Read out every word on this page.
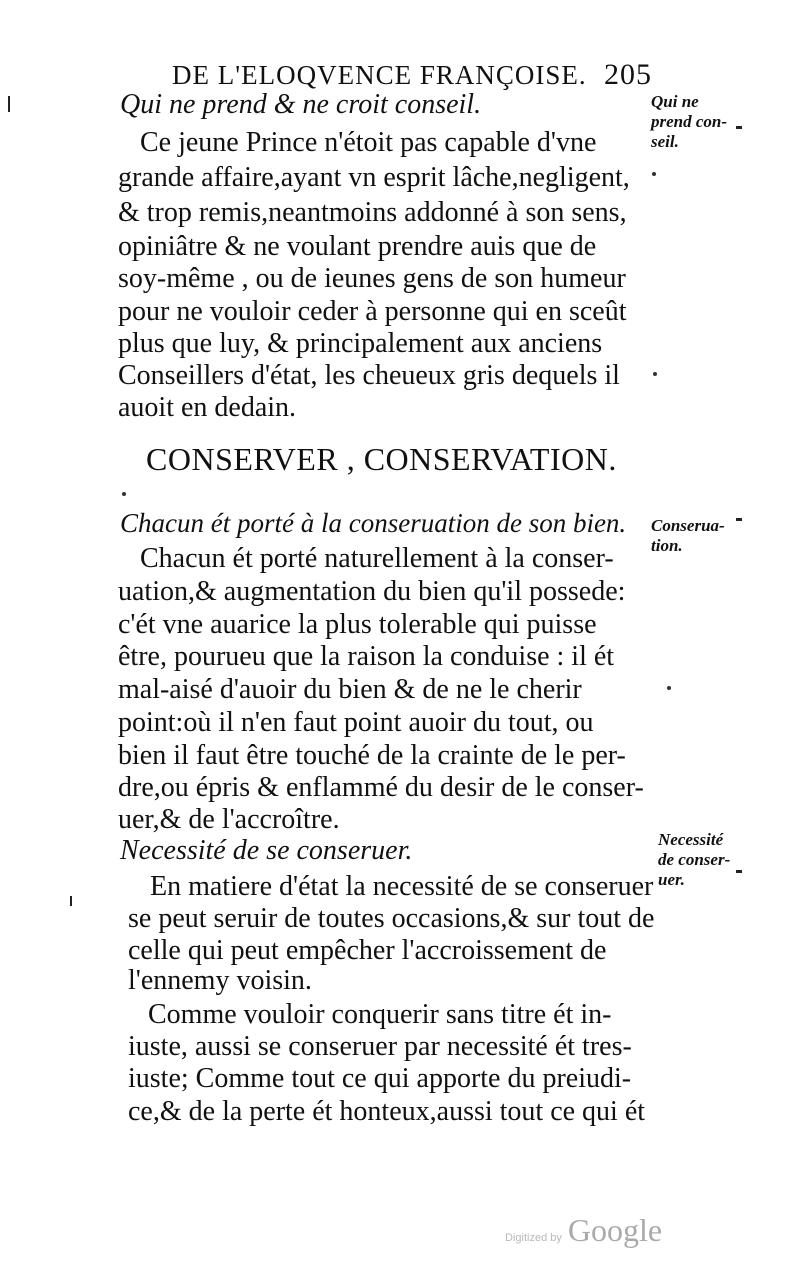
DE L'ELOQVENCE FRANÇOISE. 205
Qui ne prend & ne croit conseil.
Ce jeune Prince n'étoit pas capable d'vne
grande affaire,ayant vn esprit lâche,negligent,
& trop remis,neantmoins addonné à son sens,
opiniâtre & ne voulant prendre auis que de
soy-même , ou de ieunes gens de son humeur
pour ne vouloir ceder à personne qui en sceût
plus que luy, & principalement aux anciens
Conseillers d'état, les cheueux gris dequels il
auoit en dedain.
Qui ne
prend con-
seil.
CONSERVER , CONSERVATION.
Chacun ét porté à la conseruation de son bien.
Chacun ét porté naturellement à la conser-
uation,& augmentation du bien qu'il possede:
c'ét vne auarice la plus tolerable qui puisse
être, pourueu que la raison la conduise : il ét
mal-aisé d'auoir du bien & de ne le cherir
point:où il n'en faut point auoir du tout, ou
bien il faut être touché de la crainte de le per-
dre,ou épris & enflammé du desir de le conser-
uer,& de l'accroître.
Conserua-
tion.
Necessité de se conseruer.
En matiere d'état la necessité de se conseruer
se peut seruir de toutes occasions,& sur tout de
celle qui peut empêcher l'accroissement de
l'ennemy voisin.
Comme vouloir conquerir sans titre ét in-
iuste, aussi se conseruer par necessité ét tres-
iuste; Comme tout ce qui apporte du preiudi-
ce,& de la perte ét honteux,aussi tout ce qui ét
Necessité
de conser-
uer.
Digitized by Google
